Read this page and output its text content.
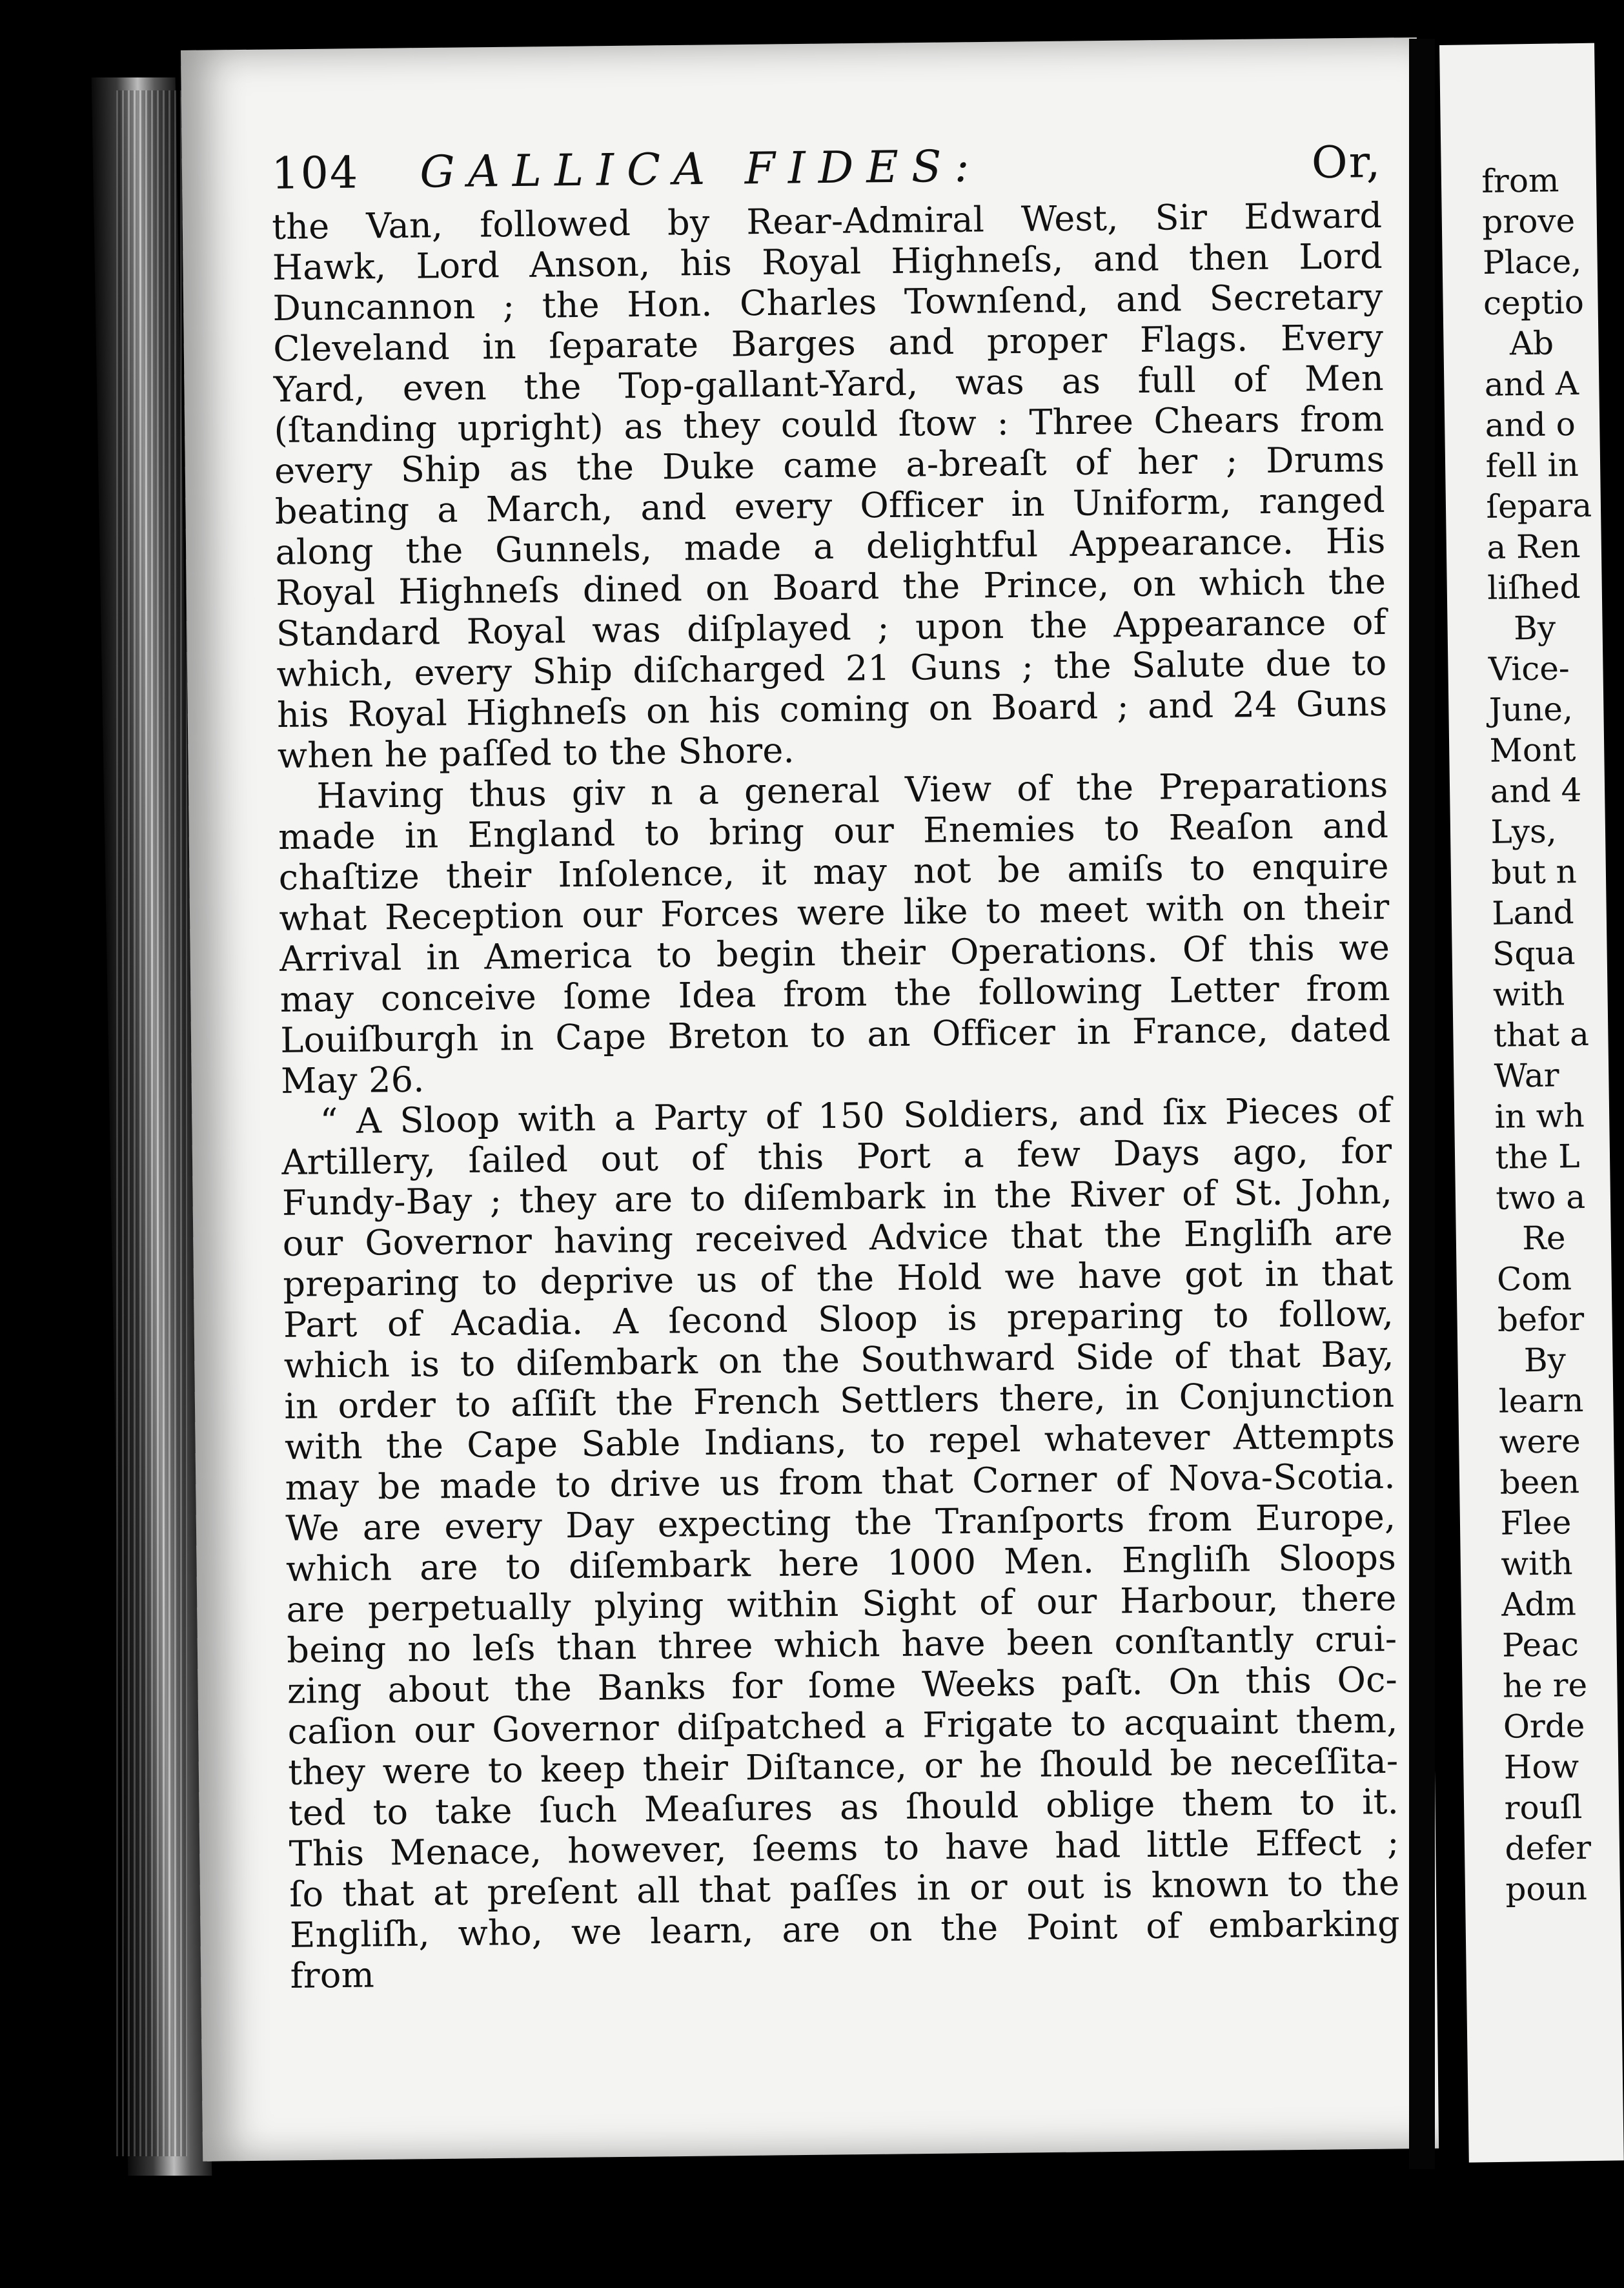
104 GALLICA FIDES:	Or,
the Van, followed by Rear-Admiral West, Sir Edward
Hawk, Lord Anson, his Royal Highneſs, and then Lord
Duncannon ; the Hon. Charles Townſend, and Secretary
Cleveland in ſeparate Barges and proper Flags. Every
Yard, even the Top-gallant-Yard, was as full of Men
(ſtanding upright) as they could ſtow : Three Chears from
every Ship as the Duke came a-breaſt of her ; Drums
beating a March, and every Officer in Uniform, ranged
along the Gunnels, made a delightful Appearance. His
Royal Highneſs dined on Board the Prince, on which the
Standard Royal was diſplayed ; upon the Appearance of
which, every Ship diſcharged 21 Guns ; the Salute due to
his Royal Highneſs on his coming on Board ; and 24 Guns
when he paſſed to the Shore.
Having thus giv n a general View of the Preparations
made in England to bring our Enemies to Reaſon and
chaſtize their Inſolence, it may not be amiſs to enquire
what Reception our Forces were like to meet with on their
Arrival in America to begin their Operations. Of this we
may conceive ſome Idea from the following Letter from
Louiſburgh in Cape Breton to an Officer in France, dated
May 26.
“ A Sloop with a Party of 150 Soldiers, and ſix Pieces of
Artillery, ſailed out of this Port a few Days ago, for
Fundy-Bay ; they are to diſembark in the River of St. John,
our Governor having received Advice that the Engliſh are
preparing to deprive us of the Hold we have got in that
Part of Acadia. A ſecond Sloop is preparing to follow,
which is to diſembark on the Southward Side of that Bay,
in order to aſſiſt the French Settlers there, in Conjunction
with the Cape Sable Indians, to repel whatever Attempts
may be made to drive us from that Corner of Nova-Scotia.
We are every Day expecting the Tranſports from Europe,
which are to diſembark here 1000 Men. Engliſh Sloops
are perpetually plying within Sight of our Harbour, there
being no leſs than three which have been conſtantly crui-
zing about the Banks for ſome Weeks paſt. On this Oc-
caſion our Governor diſpatched a Frigate to acquaint them,
they were to keep their Diſtance, or he ſhould be neceſſita-
ted to take ſuch Meaſures as ſhould oblige them to it.
This Menace, however, ſeems to have had little Effect ;
ſo that at preſent all that paſſes in or out is known to the
Engliſh, who, we learn, are on the Point of embarking
from
from
prove
Place,
ceptio
Ab
and A
and o
fell in
ſepara
a Ren
liſhed
By
Vice-
June,
Mont
and 4
Lys,
but n
Land
Squa
with
that a
War
in wh
the L
two a
Re
Com
befor
By
learn
were
been
Flee
with
Adm
Peac
he re
Orde
How
rouſl
defer
poun
